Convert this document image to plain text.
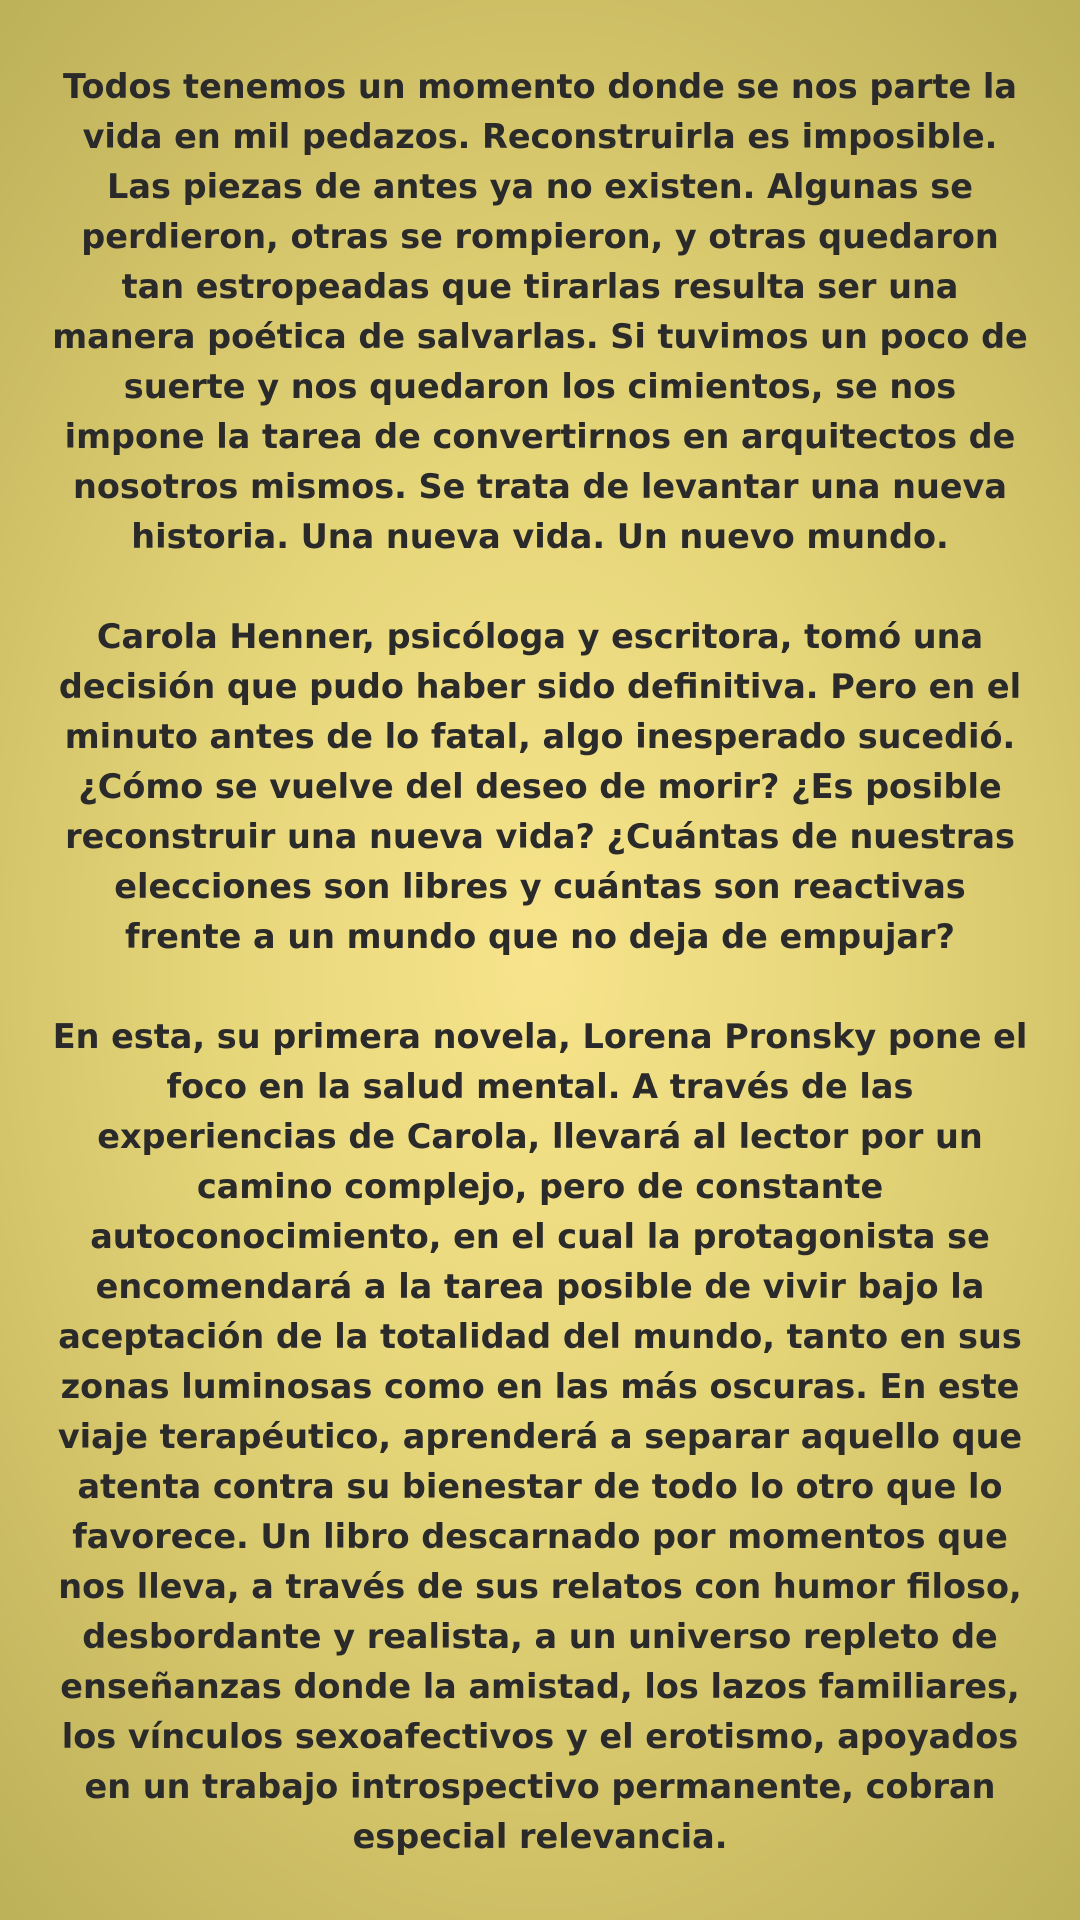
Todos tenemos un momento donde se nos parte la vida en mil pedazos. Reconstruirla es imposible. Las piezas de antes ya no existen. Algunas se perdieron, otras se rompieron, y otras quedaron tan estropeadas que tirarlas resulta ser una manera poética de salvarlas. Si tuvimos un poco de suerte y nos quedaron los cimientos, se nos impone la tarea de convertirnos en arquitectos de nosotros mismos. Se trata de levantar una nueva historia. Una nueva vida. Un nuevo mundo.

Carola Henner, psicóloga y escritora, tomó una decisión que pudo haber sido definitiva. Pero en el minuto antes de lo fatal, algo inesperado sucedió. ¿Cómo se vuelve del deseo de morir? ¿Es posible reconstruir una nueva vida? ¿Cuántas de nuestras elecciones son libres y cuántas son reactivas frente a un mundo que no deja de empujar?

En esta, su primera novela, Lorena Pronsky pone el foco en la salud mental. A través de las experiencias de Carola, llevará al lector por un camino complejo, pero de constante autoconocimiento, en el cual la protagonista se encomendará a la tarea posible de vivir bajo la aceptación de la totalidad del mundo, tanto en sus zonas luminosas como en las más oscuras. En este viaje terapéutico, aprenderá a separar aquello que atenta contra su bienestar de todo lo otro que lo favorece. Un libro descarnado por momentos que nos lleva, a través de sus relatos con humor filoso, desbordante y realista, a un universo repleto de enseñanzas donde la amistad, los lazos familiares, los vínculos sexoafectivos y el erotismo, apoyados en un trabajo introspectivo permanente, cobran especial relevancia.
